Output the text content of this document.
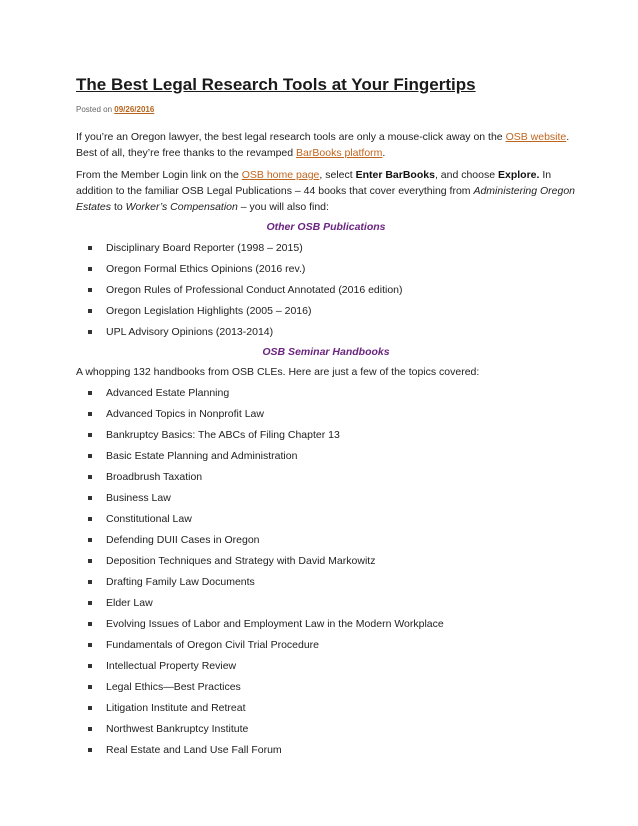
The Best Legal Research Tools at Your Fingertips
Posted on 09/26/2016

If you’re an Oregon lawyer, the best legal research tools are only a mouse-click away on the OSB website. Best of all, they’re free thanks to the revamped BarBooks platform.

From the Member Login link on the OSB home page, select Enter BarBooks, and choose Explore. In addition to the familiar OSB Legal Publications – 44 books that cover everything from Administering Oregon Estates to Worker’s Compensation – you will also find:

Other OSB Publications
Disciplinary Board Reporter (1998 – 2015)
Oregon Formal Ethics Opinions (2016 rev.)
Oregon Rules of Professional Conduct Annotated (2016 edition)
Oregon Legislation Highlights (2005 – 2016)
UPL Advisory Opinions (2013-2014)
OSB Seminar Handbooks

A whopping 132 handbooks from OSB CLEs. Here are just a few of the topics covered:

Advanced Estate Planning
Advanced Topics in Nonprofit Law
Bankruptcy Basics: The ABCs of Filing Chapter 13
Basic Estate Planning and Administration
Broadbrush Taxation
Business Law
Constitutional Law
Defending DUII Cases in Oregon
Deposition Techniques and Strategy with David Markowitz
Drafting Family Law Documents
Elder Law
Evolving Issues of Labor and Employment Law in the Modern Workplace
Fundamentals of Oregon Civil Trial Procedure
Intellectual Property Review
Legal Ethics—Best Practices
Litigation Institute and Retreat
Northwest Bankruptcy Institute
Real Estate and Land Use Fall Forum
